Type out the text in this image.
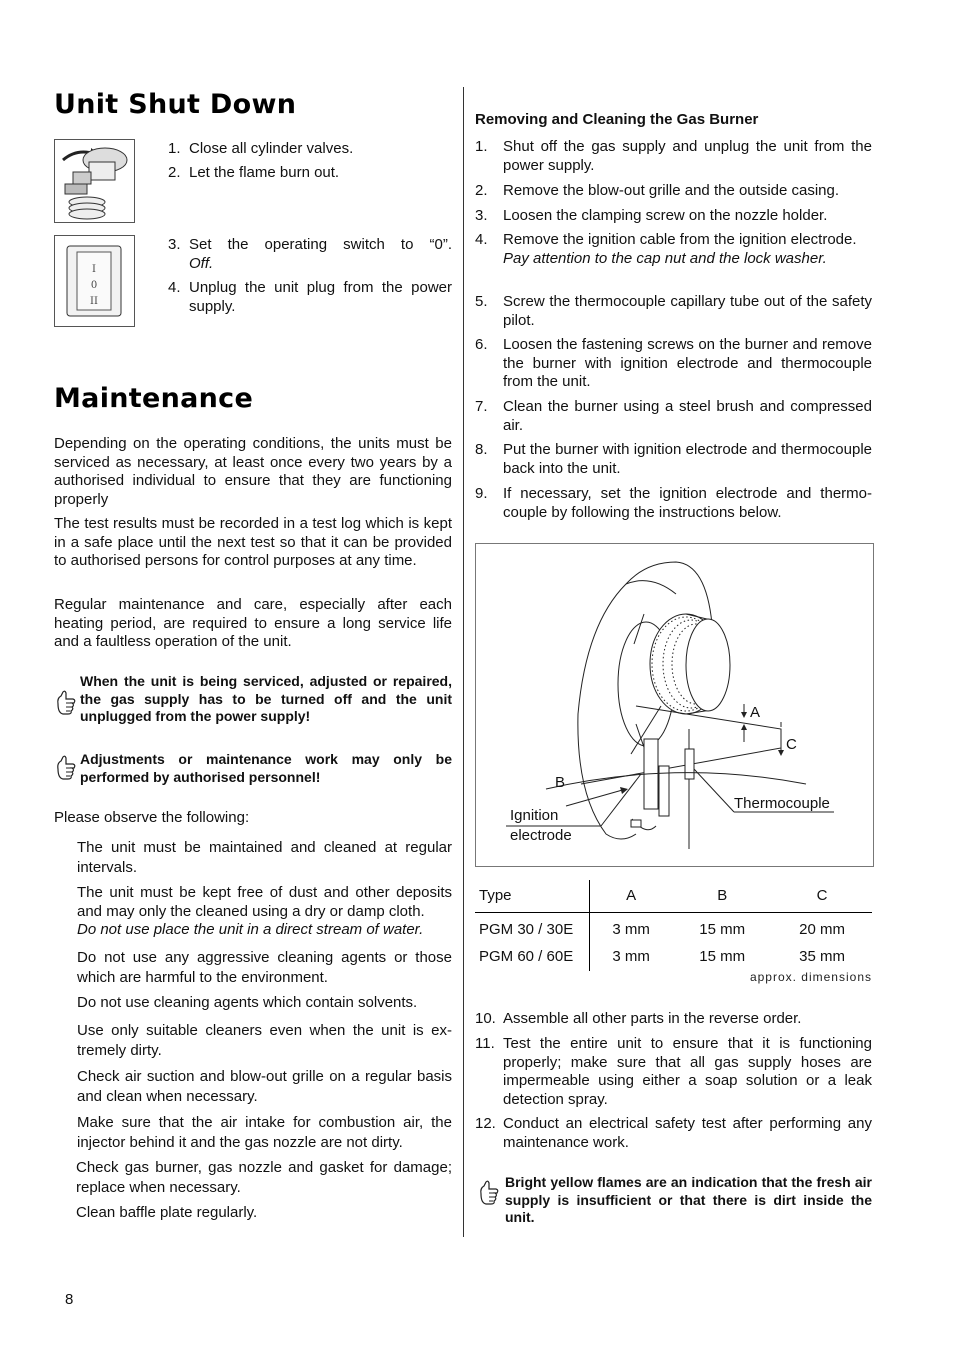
Unit Shut Down
I
0
II
1. Close all cylinder valves.
2. Let the flame burn out.
3. Set the operating switch to “0”.
Off.
4. Unplug the unit plug from the power supply.
Maintenance
Depending on the operating conditions, the units must be serviced as necessary, at least once every two years by a authorised individual to ensure that they are functioning properly
The test results must be recorded in a test log which is kept in a safe place until the next test so that it can be provided to authorised persons for control purposes at any time.
Regular maintenance and care, especially after each heating period, are required to ensure a long service life and a faultless operation of the unit.
When the unit is being serviced, adjusted or repaired, the gas supply has to be turned off and the unit unplugged from the power supply!
Adjustments or maintenance work may only be performed by authorised personnel!
Please observe the following:
The unit must be maintained and cleaned at regular intervals.
The unit must be kept free of dust and other deposits and may only the cleaned using a dry or damp cloth.
Do not use place the unit in a direct stream of water.
Do not use any aggressive cleaning agents or those which are harmful to the environment.
Do not use cleaning agents which contain solvents.
Use only suitable cleaners even when the unit is extremely dirty.
Check air suction and blow-out grille on a regular basis and clean when necessary.
Make sure that the air intake for combustion air, the injector behind it and the gas nozzle are not dirty.
Check gas burner, gas nozzle and gasket for damage; replace when necessary.
Clean baffle plate regularly.
8
Removing and Cleaning the Gas Burner
1. Shut off the gas supply and unplug the unit from the power supply.
2. Remove the blow-out grille and the outside casing.
3. Loosen the clamping screw on the nozzle holder.
4. Remove the ignition cable from the ignition electrode.
Pay attention to the cap nut and the lock washer.
5. Screw the thermocouple capillary tube out of the safety pilot.
6. Loosen the fastening screws on the burner and remove the burner with ignition electrode and thermocouple from the unit.
7. Clean the burner using a steel brush and compressed air.
8. Put the burner with ignition electrode and thermocouple back into the unit.
9. If necessary, set the ignition electrode and thermocouple by following the instructions below.
A
C
B
Thermocouple
Ignition electrode
Type	A	B	C
PGM 30 / 30E	3 mm	15 mm	20 mm
PGM 60 / 60E	3 mm	15 mm	35 mm
approx. dimensions
10. Assemble all other parts in the reverse order.
11. Test the entire unit to ensure that it is functioning properly; make sure that all gas supply hoses are impermeable using either a soap solution or a leak detection spray.
12. Conduct an electrical safety test after performing any maintenance work.
Bright yellow flames are an indication that the fresh air supply is insufficient or that there is dirt inside the unit.
